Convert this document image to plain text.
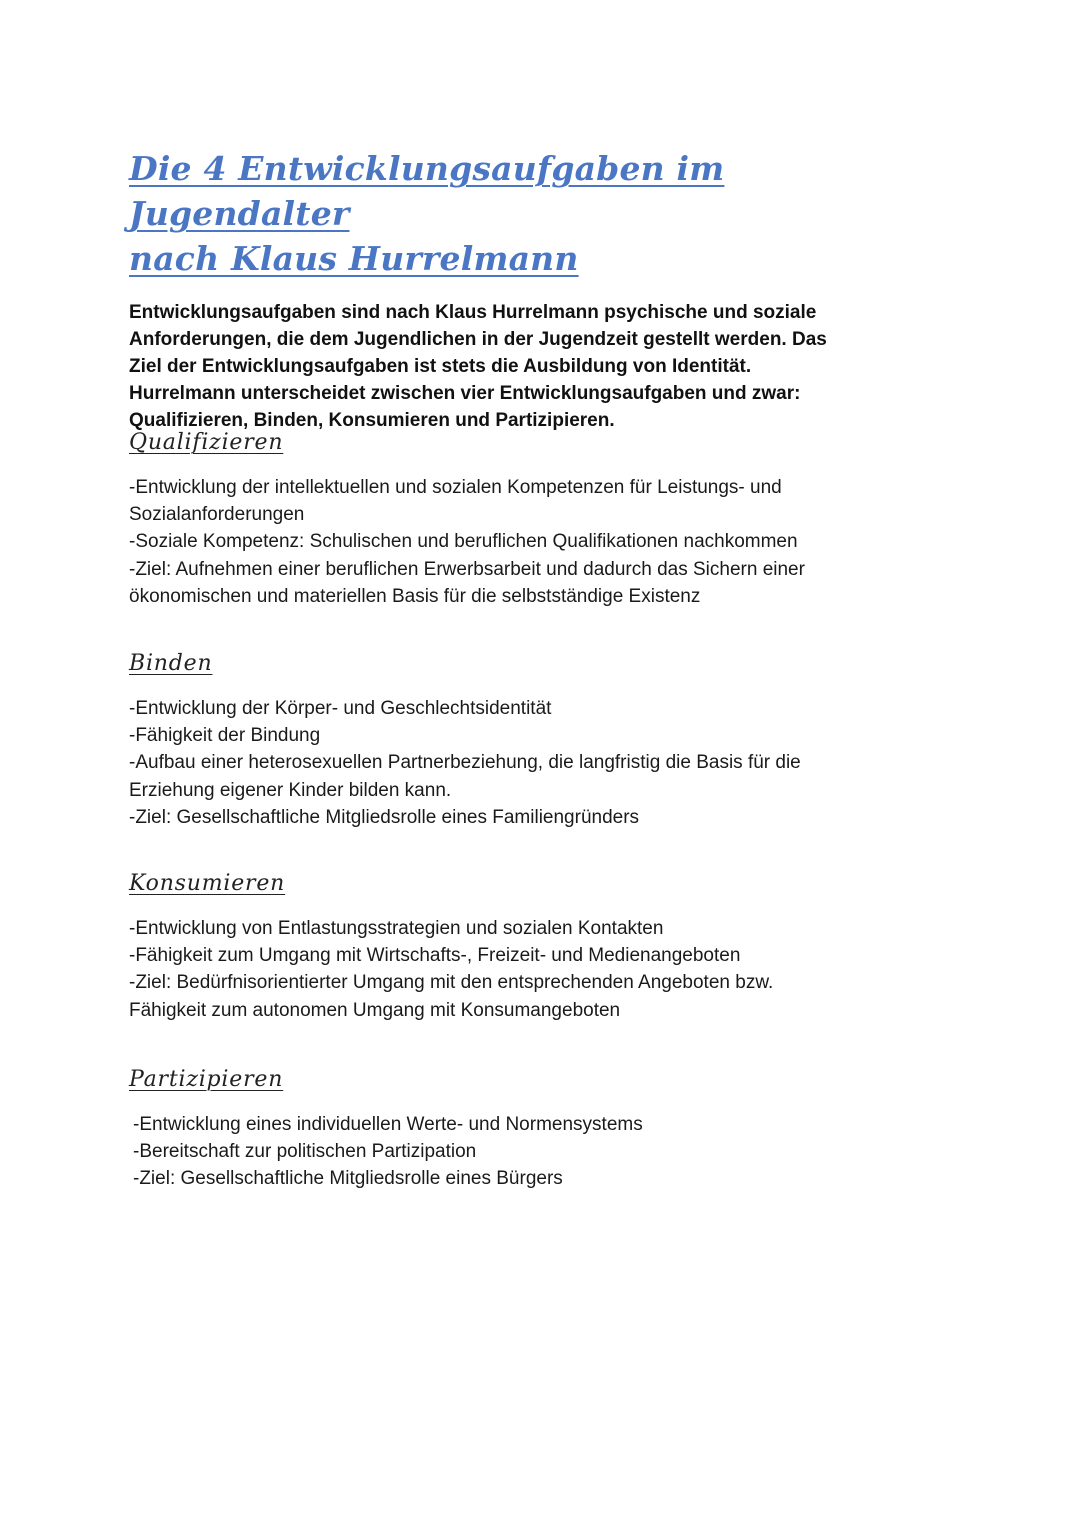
Die 4 Entwicklungsaufgaben im Jugendalter
nach Klaus Hurrelmann

Entwicklungsaufgaben sind nach Klaus Hurrelmann psychische und soziale
Anforderungen, die dem Jugendlichen in der Jugendzeit gestellt werden. Das
Ziel der Entwicklungsaufgaben ist stets die Ausbildung von Identität.
Hurrelmann unterscheidet zwischen vier Entwicklungsaufgaben und zwar:
Qualifizieren, Binden, Konsumieren und Partizipieren.

Qualifizieren

-Entwicklung der intellektuellen und sozialen Kompetenzen für Leistungs- und
Sozialanforderungen
-Soziale Kompetenz: Schulischen und beruflichen Qualifikationen nachkommen
-Ziel: Aufnehmen einer beruflichen Erwerbsarbeit und dadurch das Sichern einer
ökonomischen und materiellen Basis für die selbstständige Existenz

Binden

-Entwicklung der Körper- und Geschlechtsidentität
-Fähigkeit der Bindung
-Aufbau einer heterosexuellen Partnerbeziehung, die langfristig die Basis für die
Erziehung eigener Kinder bilden kann.
-Ziel: Gesellschaftliche Mitgliedsrolle eines Familiengründers

Konsumieren

-Entwicklung von Entlastungsstrategien und sozialen Kontakten
-Fähigkeit zum Umgang mit Wirtschafts-, Freizeit- und Medienangeboten
-Ziel: Bedürfnisorientierter Umgang mit den entsprechenden Angeboten bzw.
Fähigkeit zum autonomen Umgang mit Konsumangeboten

Partizipieren

-Entwicklung eines individuellen Werte- und Normensystems
-Bereitschaft zur politischen Partizipation
-Ziel: Gesellschaftliche Mitgliedsrolle eines Bürgers
